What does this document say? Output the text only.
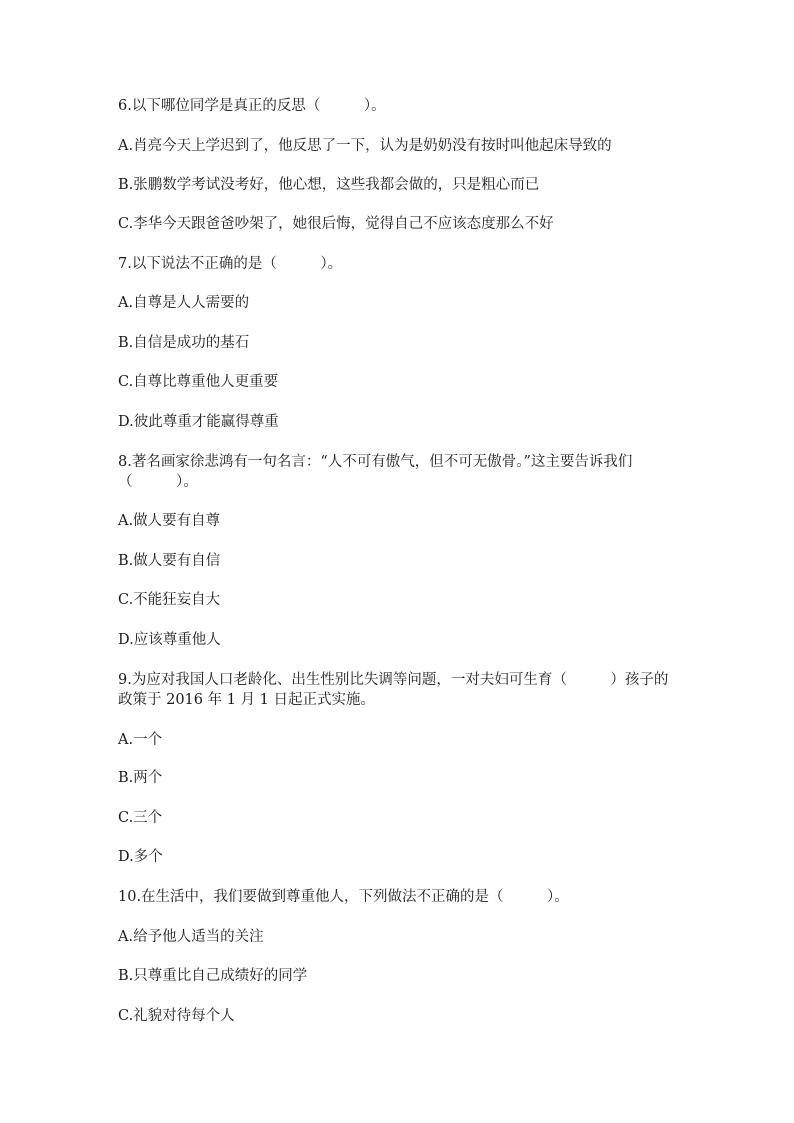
6.以下哪位同学是真正的反思（　　　）。
A.肖亮今天上学迟到了，他反思了一下，认为是奶奶没有按时叫他起床导致的
B.张鹏数学考试没考好，他心想，这些我都会做的，只是粗心而已
C.李华今天跟爸爸吵架了，她很后悔，觉得自己不应该态度那么不好
7.以下说法不正确的是（　　　）。
A.自尊是人人需要的
B.自信是成功的基石
C.自尊比尊重他人更重要
D.彼此尊重才能赢得尊重
8.著名画家徐悲鸿有一句名言：“人不可有傲气，但不可无傲骨。”这主要告诉我们（　　　）。
A.做人要有自尊
B.做人要有自信
C.不能狂妄自大
D.应该尊重他人
9.为应对我国人口老龄化、出生性别比失调等问题，一对夫妇可生育（　　　）孩子的政策于 2016 年 1 月 1 日起正式实施。
A.一个
B.两个
C.三个
D.多个
10.在生活中，我们要做到尊重他人，下列做法不正确的是（　　　）。
A.给予他人适当的关注
B.只尊重比自己成绩好的同学
C.礼貌对待每个人
